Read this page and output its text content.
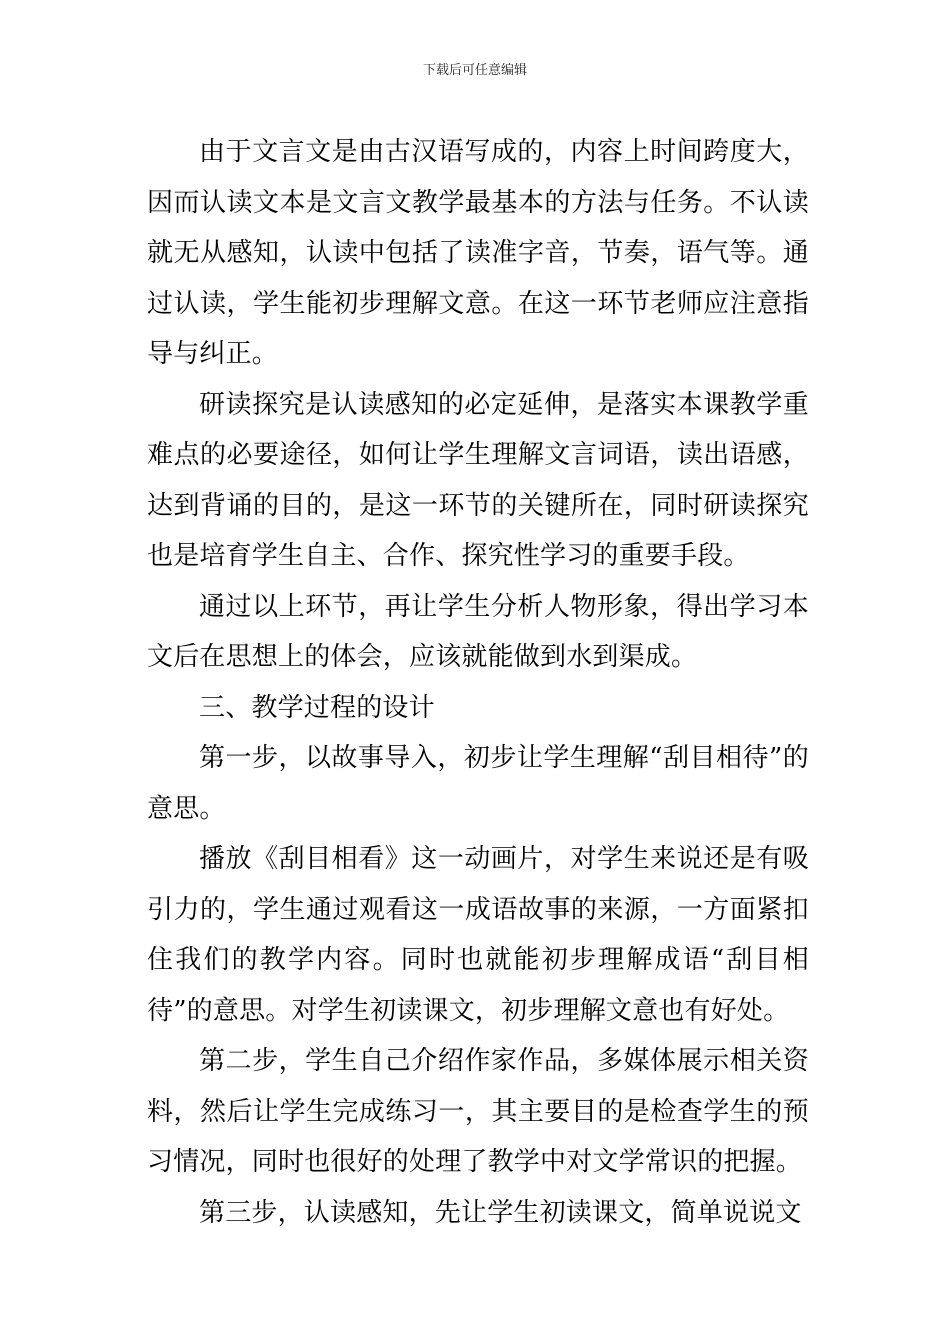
下载后可任意编辑

由于文言文是由古汉语写成的，内容上时间跨度大，因而认读文本是文言文教学最基本的方法与任务。不认读就无从感知，认读中包括了读准字音，节奏，语气等。通过认读，学生能初步理解文意。在这一环节老师应注意指导与纠正。

研读探究是认读感知的必定延伸，是落实本课教学重难点的必要途径，如何让学生理解文言词语，读出语感，达到背诵的目的，是这一环节的关键所在，同时研读探究也是培育学生自主、合作、探究性学习的重要手段。

通过以上环节，再让学生分析人物形象，得出学习本文后在思想上的体会，应该就能做到水到渠成。

三、教学过程的设计

第一步，以故事导入，初步让学生理解“刮目相待”的意思。

播放《刮目相看》这一动画片，对学生来说还是有吸引力的，学生通过观看这一成语故事的来源，一方面紧扣住我们的教学内容。同时也就能初步理解成语“刮目相待”的意思。对学生初读课文，初步理解文意也有好处。

第二步，学生自己介绍作家作品，多媒体展示相关资料，然后让学生完成练习一，其主要目的是检查学生的预习情况，同时也很好的处理了教学中对文学常识的把握。

第三步，认读感知，先让学生初读课文，简单说说文
